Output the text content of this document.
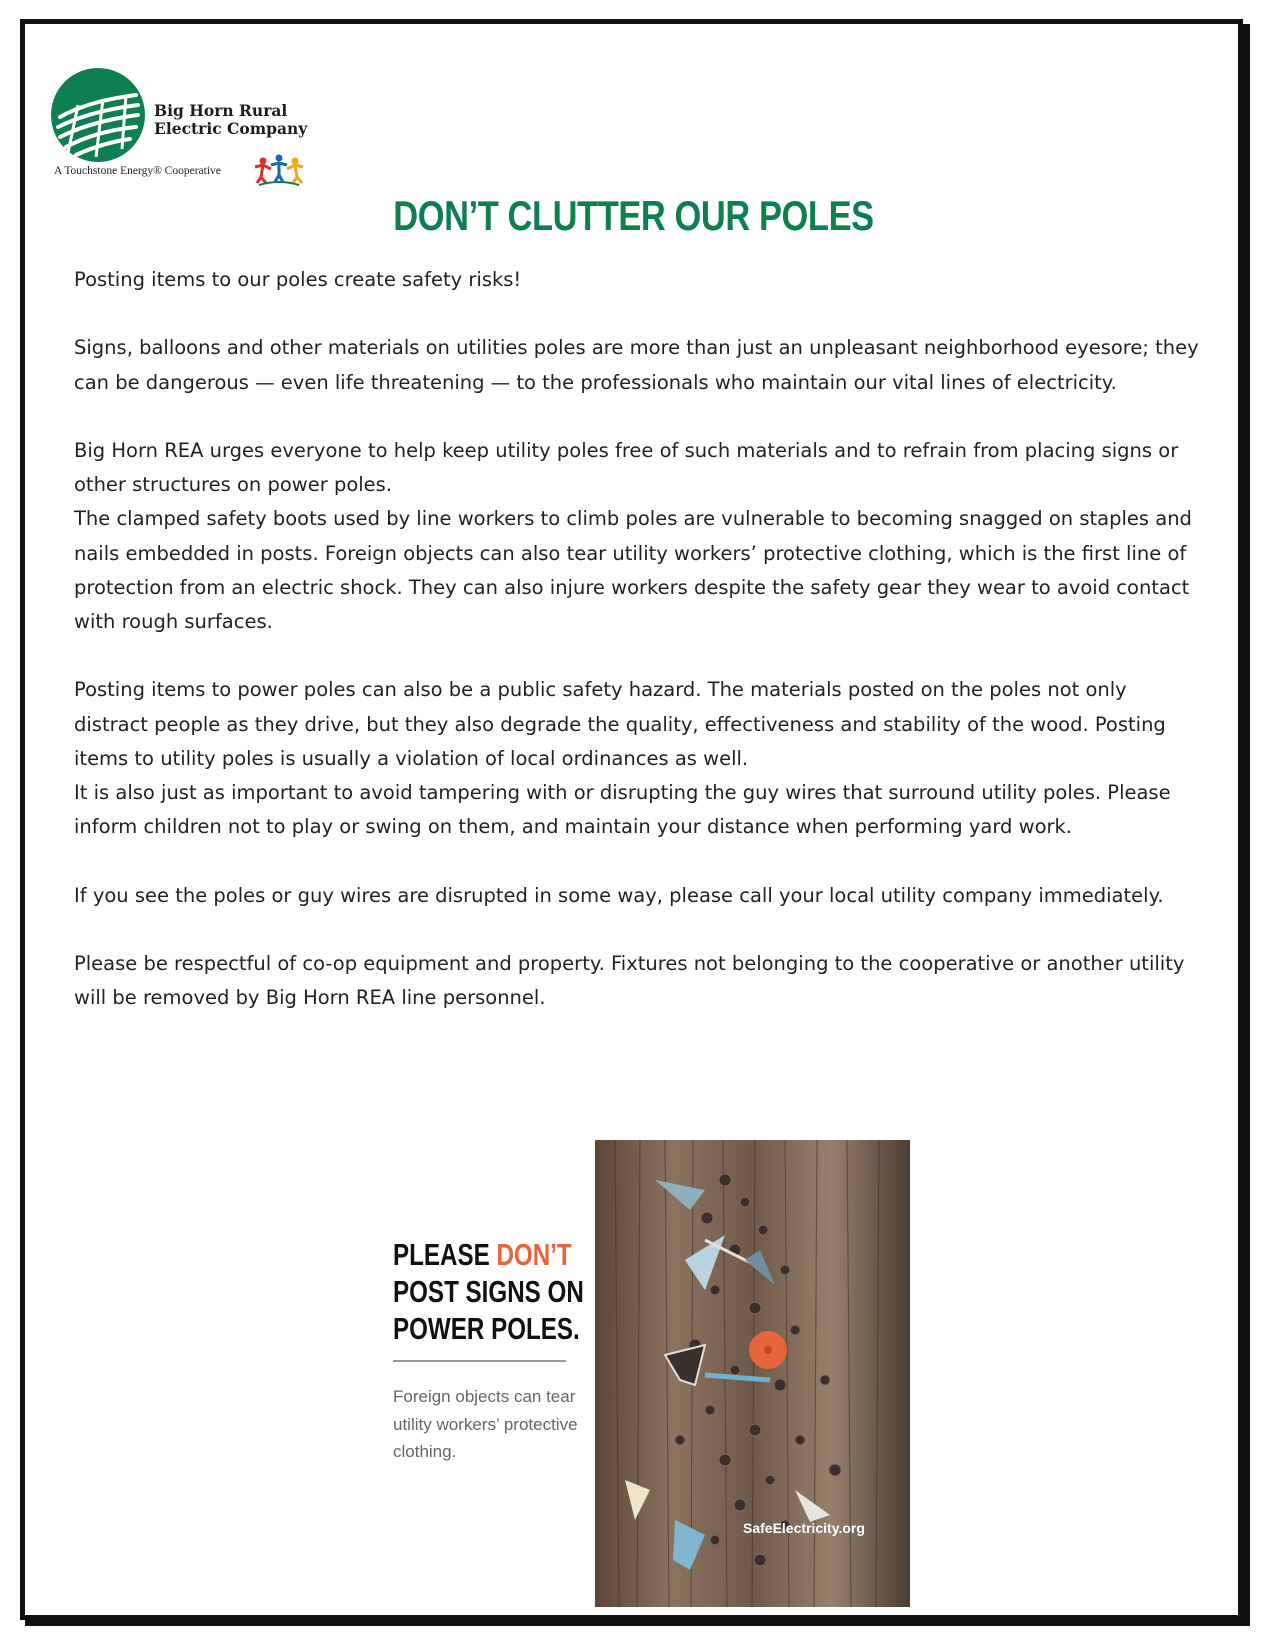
Big Horn Rural
Electric Company
A Touchstone Energy® Cooperative
DON’T CLUTTER OUR POLES

Posting items to our poles create safety risks!

Signs, balloons and other materials on utilities poles are more than just an unpleasant neighborhood eyesore; they can be dangerous — even life threatening — to the professionals who maintain our vital lines of electricity.

Big Horn REA urges everyone to help keep utility poles free of such materials and to refrain from placing signs or other structures on power poles.

The clamped safety boots used by line workers to climb poles are vulnerable to becoming snagged on staples and nails embedded in posts. Foreign objects can also tear utility workers’ protective clothing, which is the first line of protection from an electric shock. They can also injure workers despite the safety gear they wear to avoid contact with rough surfaces.

Posting items to power poles can also be a public safety hazard. The materials posted on the poles not only distract people as they drive, but they also degrade the quality, effectiveness and stability of the wood. Posting items to utility poles is usually a violation of local ordinances as well.

It is also just as important to avoid tampering with or disrupting the guy wires that surround utility poles. Please inform children not to play or swing on them, and maintain your distance when performing yard work.

If you see the poles or guy wires are disrupted in some way, please call your local utility company immediately.

Please be respectful of co-op equipment and property. Fixtures not belonging to the cooperative or another utility will be removed by Big Horn REA line personnel.

PLEASE DON’T
POST SIGNS ON
POWER POLES.
Foreign objects can tear utility workers’ protective clothing.
SafeElectricity.org
